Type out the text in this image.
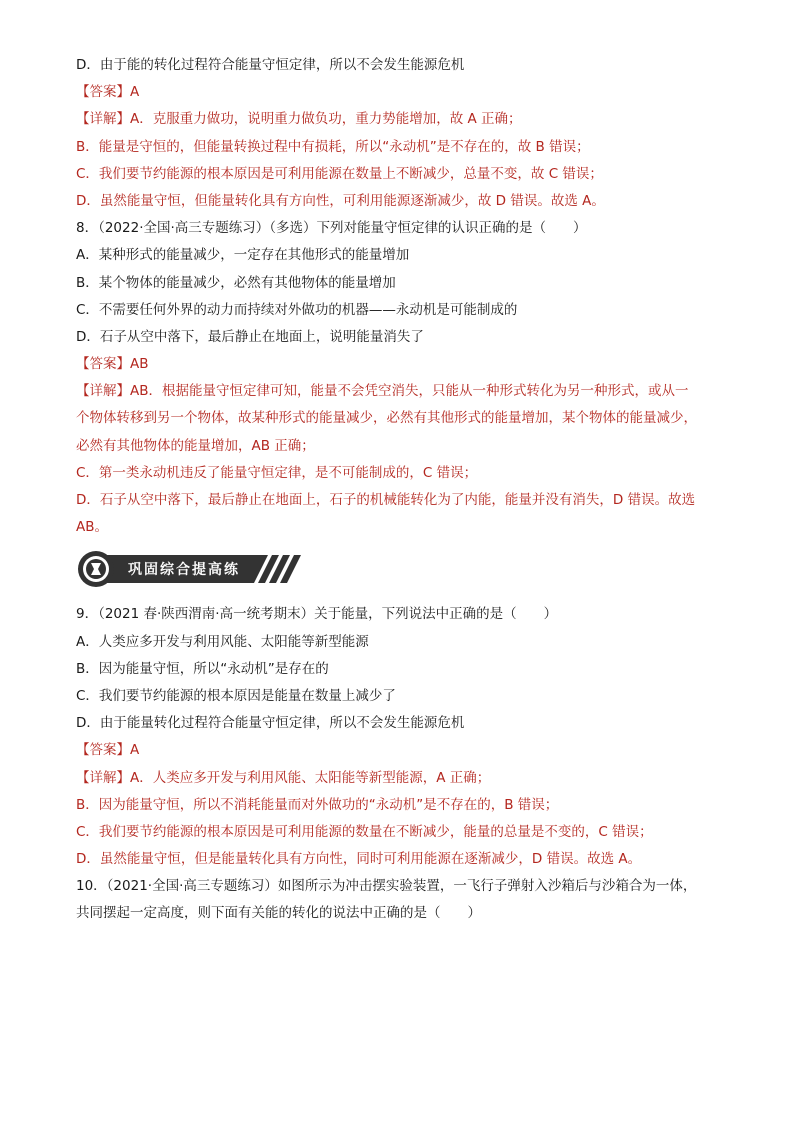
D．由于能的转化过程符合能量守恒定律，所以不会发生能源危机
【答案】A
【详解】A．克服重力做功，说明重力做负功，重力势能增加，故 A 正确；
B．能量是守恒的，但能量转换过程中有损耗，所以“永动机”是不存在的，故 B 错误；
C．我们要节约能源的根本原因是可利用能源在数量上不断减少，总量不变，故 C 错误；
D．虽然能量守恒，但能量转化具有方向性，可利用能源逐渐减少，故 D 错误。故选 A。
8．（2022·全国·高三专题练习）（多选）下列对能量守恒定律的认识正确的是（　　）
A．某种形式的能量减少，一定存在其他形式的能量增加
B．某个物体的能量减少，必然有其他物体的能量增加
C．不需要任何外界的动力而持续对外做功的机器——永动机是可能制成的
D．石子从空中落下，最后静止在地面上，说明能量消失了
【答案】AB
【详解】AB．根据能量守恒定律可知，能量不会凭空消失，只能从一种形式转化为另一种形式，或从一
个物体转移到另一个物体，故某种形式的能量减少，必然有其他形式的能量增加，某个物体的能量减少，
必然有其他物体的能量增加，AB 正确；
C．第一类永动机违反了能量守恒定律，是不可能制成的，C 错误；
D．石子从空中落下，最后静止在地面上，石子的机械能转化为了内能，能量并没有消失，D 错误。故选
AB。
巩固综合提高练
9．（2021 春·陕西渭南·高一统考期末）关于能量，下列说法中正确的是（　　）
A．人类应多开发与利用风能、太阳能等新型能源
B．因为能量守恒，所以“永动机”是存在的
C．我们要节约能源的根本原因是能量在数量上减少了
D．由于能量转化过程符合能量守恒定律，所以不会发生能源危机
【答案】A
【详解】A．人类应多开发与利用风能、太阳能等新型能源，A 正确；
B．因为能量守恒，所以不消耗能量而对外做功的“永动机”是不存在的，B 错误；
C．我们要节约能源的根本原因是可利用能源的数量在不断减少，能量的总量是不变的，C 错误；
D．虽然能量守恒，但是能量转化具有方向性，同时可利用能源在逐渐减少，D 错误。故选 A。
10．（2021·全国·高三专题练习）如图所示为冲击摆实验装置，一飞行子弹射入沙箱后与沙箱合为一体，
共同摆起一定高度，则下面有关能的转化的说法中正确的是（　　）
